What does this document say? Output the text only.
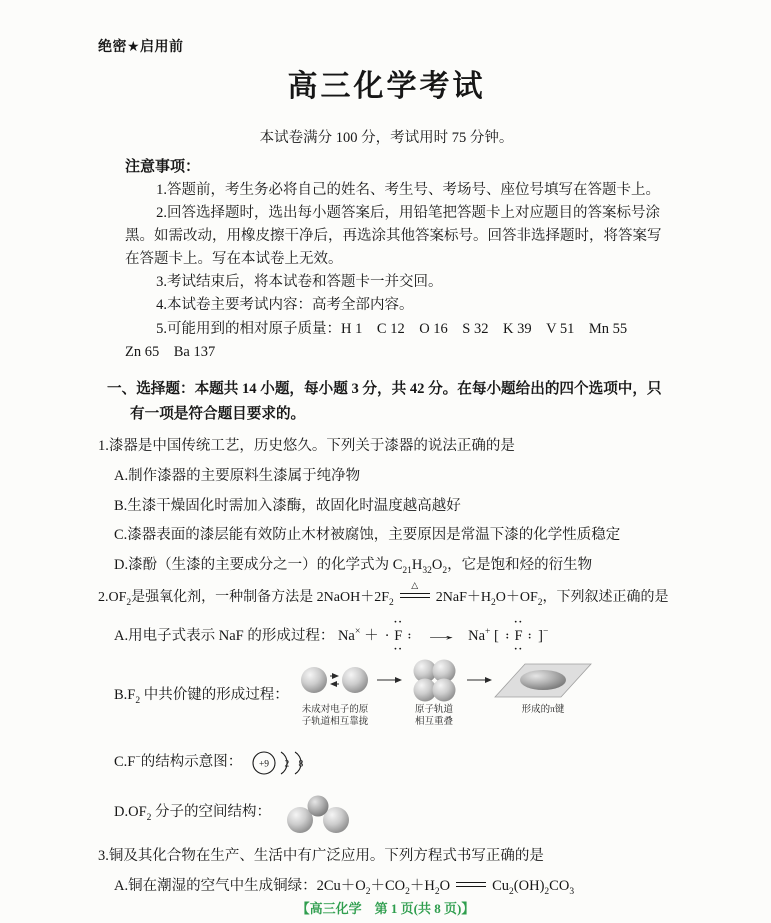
绝密★启用前
高三化学考试
本试卷满分 100 分，考试用时 75 分钟。
注意事项：

1.答题前，考生务必将自己的姓名、考生号、考场号、座位号填写在答题卡上。

2.回答选择题时，选出每小题答案后，用铅笔把答题卡上对应题目的答案标号涂黑。如需改动，用橡皮擦干净后，再选涂其他答案标号。回答非选择题时，将答案写在答题卡上。写在本试卷上无效。

3.考试结束后，将本试卷和答题卡一并交回。

4.本试卷主要考试内容：高考全部内容。

5.可能用到的相对原子质量：H 1　C 12　O 16　S 32　K 39　V 51　Mn 55
Zn 65　Ba 137

一、选择题：本题共 14 小题，每小题 3 分，共 42 分。在每小题给出的四个选项中，只有一项是符合题目要求的。
1.漆器是中国传统工艺，历史悠久。下列关于漆器的说法正确的是
A.制作漆器的主要原料生漆属于纯净物
B.生漆干燥固化时需加入漆酶，故固化时温度越高越好
C.漆器表面的漆层能有效防止木材被腐蚀，主要原因是常温下漆的化学性质稳定
D.漆酚（生漆的主要成分之一）的化学式为 $C_{21}H_{32}O_2$，它是饱和烃的衍生物
$2.OF_2$是强氧化剂，一种制备方法是 $2NaOH+2F_2$
△
$2NaF+H_2O+OF_2$，下列叙述正确的是
A.用电子式表示 NaF 的形成过程： Na× ＋
··
··
· :
F → Na+ [
··
··
: :
F ]−
$B.F_2$ 中共价键的形成过程：
未成对电子的原
子轨道相互靠拢
原子轨道
相互重叠
形成的π键
C.F−的结构示意图： +9 2 8
$D.OF_2$ 分子的空间结构：
3.铜及其化合物在生产、生活中有广泛应用。下列方程式书写正确的是
A.铜在潮湿的空气中生成铜绿：$2Cu+O_2+CO_2+H_2O$	$Cu_2(OH)_2CO_3$
【高三化学　第 1 页(共 8 页)】
